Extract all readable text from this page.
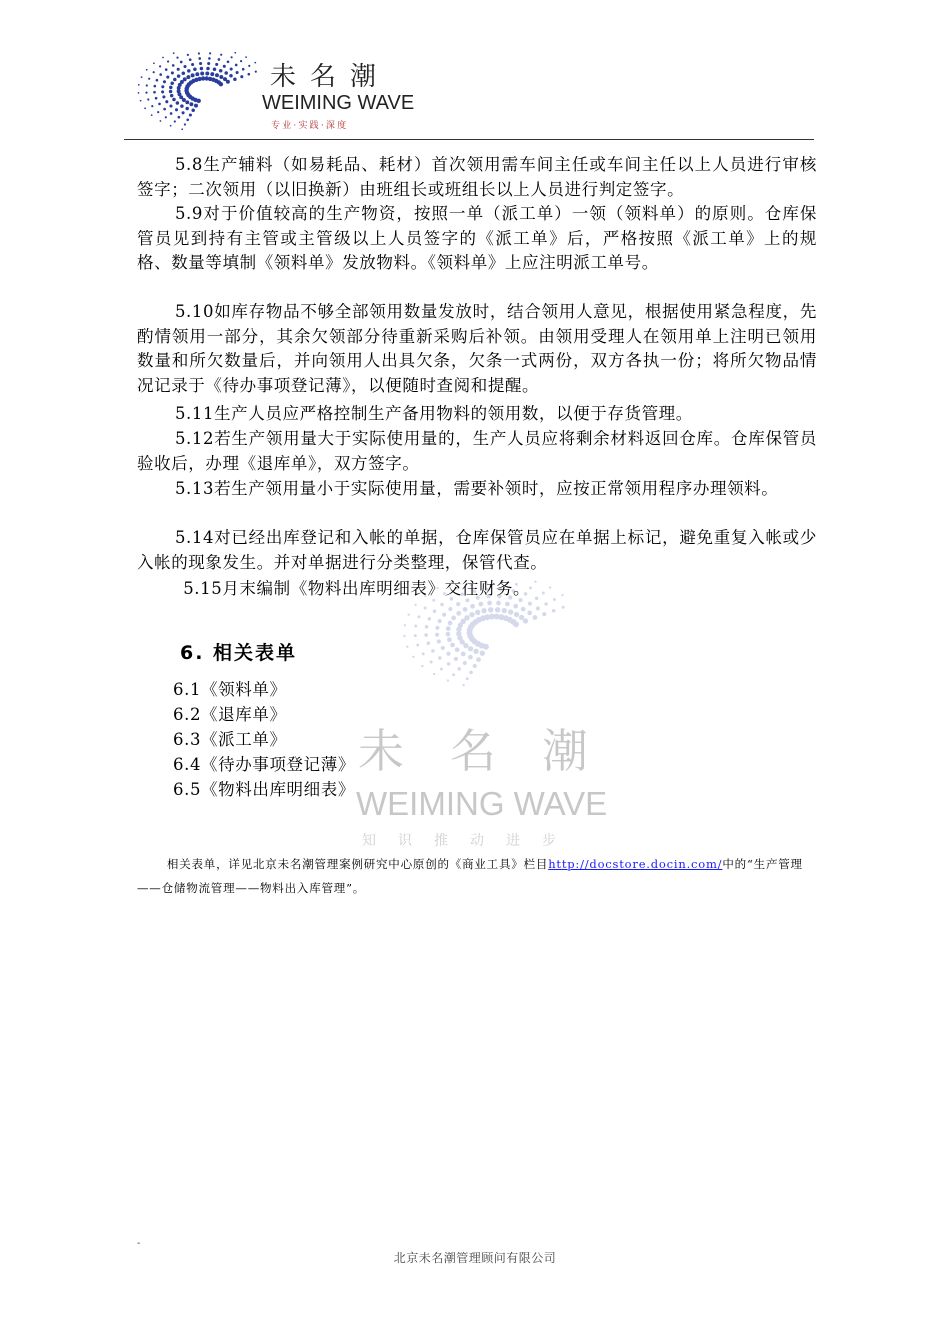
未名潮
WEIMING WAVE
专业·实践·深度
未名潮
WEIMING WAVE
知识推动进步

5.8生产辅料（如易耗品、耗材）首次领用需车间主任或车间主任以上人员进行审核签字；二次领用（以旧换新）由班组长或班组长以上人员进行判定签字。

5.9对于价值较高的生产物资，按照一单（派工单）一领（领料单）的原则。仓库保管员见到持有主管或主管级以上人员签字的《派工单》后，严格按照《派工单》上的规格、数量等填制《领料单》发放物料。《领料单》上应注明派工单号。

5.10如库存物品不够全部领用数量发放时，结合领用人意见，根据使用紧急程度，先酌情领用一部分，其余欠领部分待重新采购后补领。由领用受理人在领用单上注明已领用数量和所欠数量后，并向领用人出具欠条，欠条一式两份，双方各执一份；将所欠物品情况记录于《待办事项登记薄》，以便随时查阅和提醒。

5.11生产人员应严格控制生产备用物料的领用数，以便于存货管理。

5.12若生产领用量大于实际使用量的，生产人员应将剩余材料返回仓库。仓库保管员验收后，办理《退库单》，双方签字。

5.13若生产领用量小于实际使用量，需要补领时，应按正常领用程序办理领料。

5.14对已经出库登记和入帐的单据，仓库保管员应在单据上标记，避免重复入帐或少入帐的现象发生。并对单据进行分类整理，保管代查。

5.15月末编制《物料出库明细表》交往财务。

6. 相关表单
6.1《领料单》
6.2《退库单》
6.3《派工单》
6.4《待办事项登记薄》
6.5《物料出库明细表》

相关表单，详见北京未名潮管理案例研究中心原创的《商业工具》栏目http://docstore.docin.com/中的“生产管理——仓储物流管理——物料出入库管理”。

-
北京未名潮管理顾问有限公司
